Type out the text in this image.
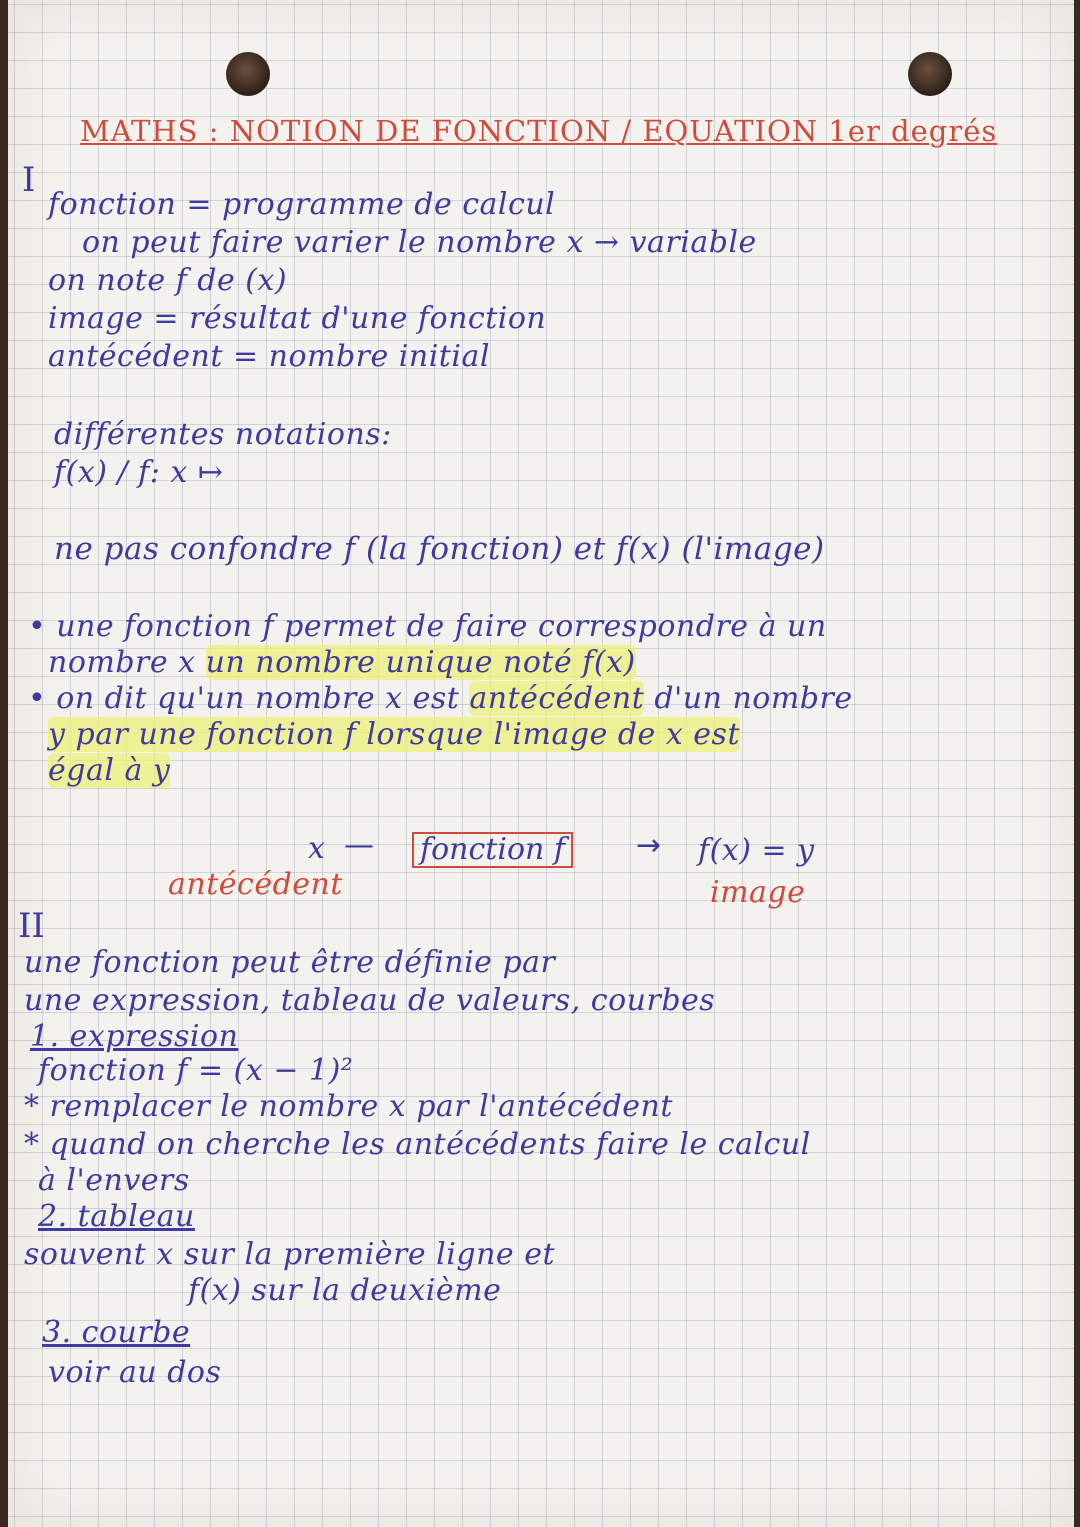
MATHS : NOTION DE FONCTION / EQUATION 1er degrés
I
fonction = programme de calcul
on peut faire varier le nombre x → variable
on note f de (x)
image = résultat d'une fonction
antécédent = nombre initial
différentes notations:
f(x) / f: x ↦
ne pas confondre f (la fonction) et f(x) (l'image)
• une fonction f permet de faire correspondre à un
nombre x un nombre unique noté f(x)
• on dit qu'un nombre x est antécédent d'un nombre
y par une fonction f lorsque l'image de x est
égal à y
x — fonction f → f(x) = y
antécédent	image
II
une fonction peut être définie par
une expression, tableau de valeurs, courbes
1. expression
fonction f = (x − 1)²
* remplacer le nombre x par l'antécédent
* quand on cherche les antécédents faire le calcul
à l'envers
2. tableau
souvent x sur la première ligne et
f(x) sur la deuxième
3. courbe
voir au dos
